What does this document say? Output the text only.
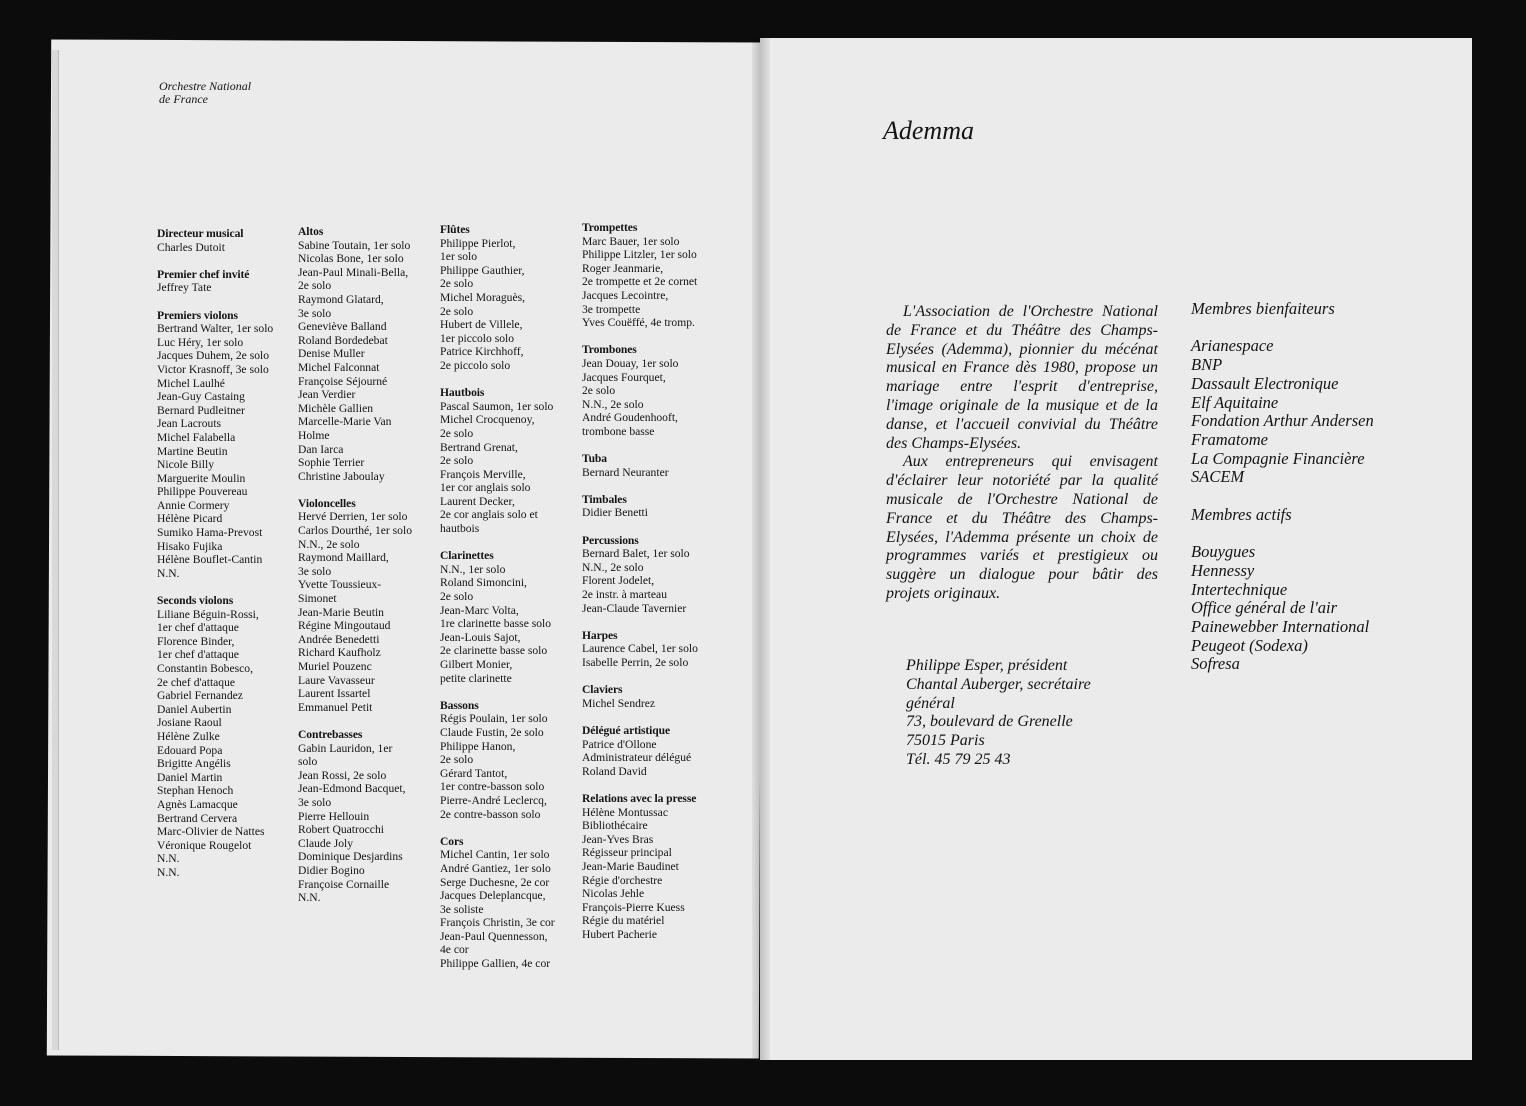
Orchestre National
de France
Directeur musical
Charles Dutoit
Premier chef invité
Jeffrey Tate
Premiers violons
Bertrand Walter, 1er solo
Luc Héry, 1er solo
Jacques Duhem, 2e solo
Victor Krasnoff, 3e solo
Michel Laulhé
Jean-Guy Castaing
Bernard Pudleitner
Jean Lacrouts
Michel Falabella
Martine Beutin
Nicole Billy
Marguerite Moulin
Philippe Pouvereau
Annie Cormery
Hélène Picard
Sumiko Hama-Prevost
Hisako Fujika
Hélène Bouflet-Cantin
N.N.
Seconds violons
Liliane Béguin-Rossi,
1er chef d'attaque
Florence Binder,
1er chef d'attaque
Constantin Bobesco,
2e chef d'attaque
Gabriel Fernandez
Daniel Aubertin
Josiane Raoul
Hélène Zulke
Edouard Popa
Brigitte Angélis
Daniel Martin
Stephan Henoch
Agnès Lamacque
Bertrand Cervera
Marc-Olivier de Nattes
Véronique Rougelot
N.N.
N.N.
Altos
Sabine Toutain, 1er solo
Nicolas Bone, 1er solo
Jean-Paul Minali-Bella,
2e solo
Raymond Glatard,
3e solo
Geneviève Balland
Roland Bordedebat
Denise Muller
Michel Falconnat
Françoise Séjourné
Jean Verdier
Michèle Gallien
Marcelle-Marie Van
Holme
Dan Iarca
Sophie Terrier
Christine Jaboulay
Violoncelles
Hervé Derrien, 1er solo
Carlos Dourthé, 1er solo
N.N., 2e solo
Raymond Maillard,
3e solo
Yvette Toussieux-
Simonet
Jean-Marie Beutin
Régine Mingoutaud
Andrée Benedetti
Richard Kaufholz
Muriel Pouzenc
Laure Vavasseur
Laurent Issartel
Emmanuel Petit
Contrebasses
Gabin Lauridon, 1er
solo
Jean Rossi, 2e solo
Jean-Edmond Bacquet,
3e solo
Pierre Hellouin
Robert Quatrocchi
Claude Joly
Dominique Desjardins
Didier Bogino
Françoise Cornaille
N.N.
Flûtes
Philippe Pierlot,
1er solo
Philippe Gauthier,
2e solo
Michel Moraguès,
2e solo
Hubert de Villele,
1er piccolo solo
Patrice Kirchhoff,
2e piccolo solo
Hautbois
Pascal Saumon, 1er solo
Michel Crocquenoy,
2e solo
Bertrand Grenat,
2e solo
François Merville,
1er cor anglais solo
Laurent Decker,
2e cor anglais solo et
hautbois
Clarinettes
N.N., 1er solo
Roland Simoncini,
2e solo
Jean-Marc Volta,
1re clarinette basse solo
Jean-Louis Sajot,
2e clarinette basse solo
Gilbert Monier,
petite clarinette
Bassons
Régis Poulain, 1er solo
Claude Fustin, 2e solo
Philippe Hanon,
2e solo
Gérard Tantot,
1er contre-basson solo
Pierre-André Leclercq,
2e contre-basson solo
Cors
Michel Cantin, 1er solo
André Gantiez, 1er solo
Serge Duchesne, 2e cor
Jacques Deleplancque,
3e soliste
François Christin, 3e cor
Jean-Paul Quennesson,
4e cor
Philippe Gallien, 4e cor
Trompettes
Marc Bauer, 1er solo
Philippe Litzler, 1er solo
Roger Jeanmarie,
2e trompette et 2e cornet
Jacques Lecointre,
3e trompette
Yves Couëffé, 4e tromp.
Trombones
Jean Douay, 1er solo
Jacques Fourquet,
2e solo
N.N., 2e solo
André Goudenhooft,
trombone basse
Tuba
Bernard Neuranter
Timbales
Didier Benetti
Percussions
Bernard Balet, 1er solo
N.N., 2e solo
Florent Jodelet,
2e instr. à marteau
Jean-Claude Tavernier
Harpes
Laurence Cabel, 1er solo
Isabelle Perrin, 2e solo
Claviers
Michel Sendrez
Délégué artistique
Patrice d'Ollone
Administrateur délégué
Roland David
Relations avec la presse
Hélène Montussac
Bibliothécaire
Jean-Yves Bras
Régisseur principal
Jean-Marie Baudinet
Régie d'orchestre
Nicolas Jehle
François-Pierre Kuess
Régie du matériel
Hubert Pacherie
Ademma

L'Association de l'Orchestre National de France et du Théâtre des Champs-Elysées (Ademma), pionnier du mécénat musical en France dès 1980, propose un mariage entre l'esprit d'entreprise, l'image originale de la musique et de la danse, et l'accueil convivial du Théâtre des Champs-Elysées.

Aux entrepreneurs qui envisagent d'éclairer leur notoriété par la qualité musicale de l'Orchestre National de France et du Théâtre des Champs-Elysées, l'Ademma présente un choix de programmes variés et prestigieux ou suggère un dialogue pour bâtir des projets originaux.

Philippe Esper, président
Chantal Auberger, secrétaire
général
73, boulevard de Grenelle
75015 Paris
Tél. 45 79 25 43
Membres bienfaiteurs
Arianespace
BNP
Dassault Electronique
Elf Aquitaine
Fondation Arthur Andersen
Framatome
La Compagnie Financière
SACEM
Membres actifs
Bouygues
Hennessy
Intertechnique
Office général de l'air
Painewebber International
Peugeot (Sodexa)
Sofresa
